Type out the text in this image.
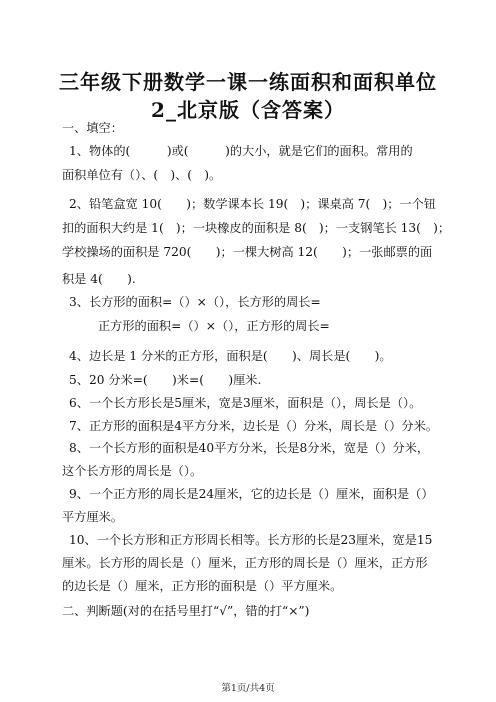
三年级下册数学一课一练面积和面积单位
2_北京版（含答案）
一、填空：
1、物体的(　　　)或(　　　)的大小，就是它们的面积。常用的
面积单位有（）、(　)、(　)。
2、铅笔盒宽 10(　　)；数学课本长 19(　)；课桌高 7(　)；一个钮
扣的面积大约是 1(　)；一块橡皮的面积是 8(　)；一支钢笔长 13(　)；
学校操场的面积是 720(　　)；一棵大树高 12(　　)；一张邮票的面
积是 4(　　).
3、长方形的面积=（）×（），长方形的周长=
正方形的面积=（）×（），正方形的周长=
4、边长是 1 分米的正方形，面积是(　　)、周长是(　　)。
5、20 分米=(　　)米=(　　)厘米.
6、一个长方形长是5厘米，宽是3厘米，面积是（），周长是（）。
7、正方形的面积是4平方分米，边长是（）分米，周长是（）分米。
8、一个长方形的面积是40平方分米，长是8分米，宽是（）分米，
这个长方形的周长是（）。
9、一个正方形的周长是24厘米，它的边长是（）厘米，面积是（）
平方厘米。
10、一个长方形和正方形周长相等。长方形的长是23厘米，宽是15
厘米。长方形的周长是（）厘米，正方形的周长是（）厘米，正方形
的边长是（）厘米，正方形的面积是（）平方厘米。
二、判断题(对的在括号里打“√”，错的打“×”)
第1页/共4页
